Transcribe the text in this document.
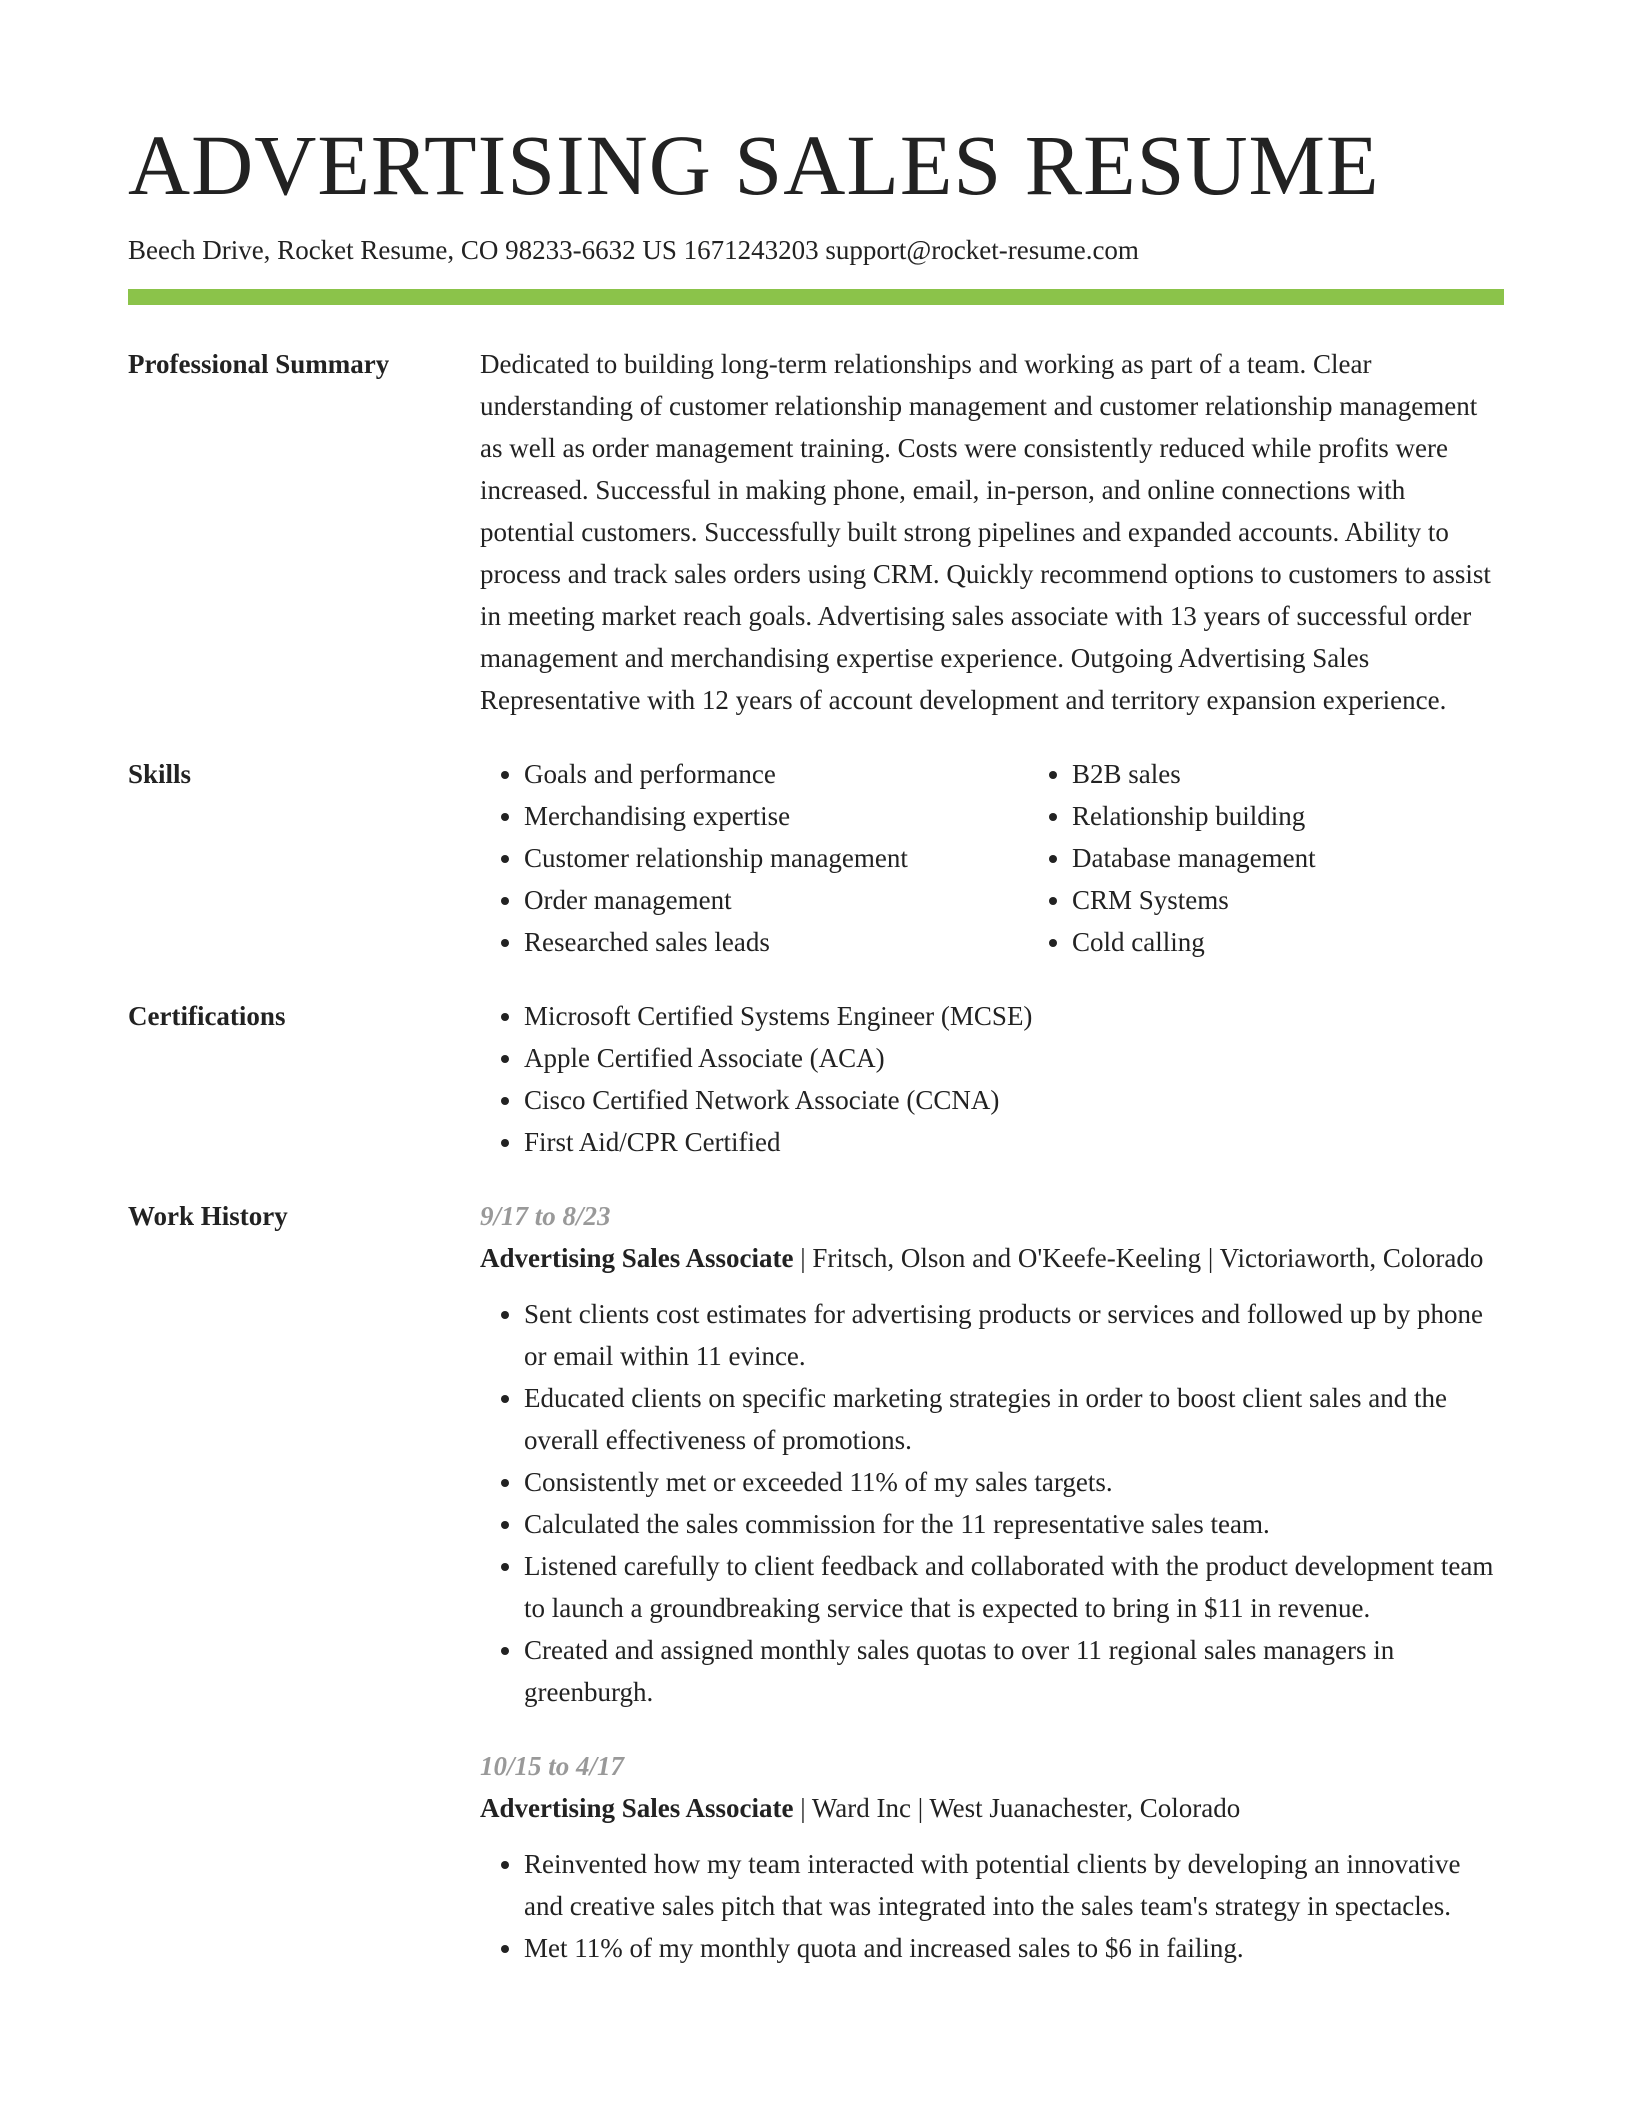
ADVERTISING SALES RESUME
Beech Drive, Rocket Resume, CO 98233-6632 US 1671243203 support@rocket-resume.com
Professional Summary	Dedicated to building long-term relationships and working as part of a team. Clear understanding of customer relationship management and customer relationship management as well as order management training. Costs were consistently reduced while profits were increased. Successful in making phone, email, in-person, and online connections with potential customers. Successfully built strong pipelines and expanded accounts. Ability to process and track sales orders using CRM. Quickly recommend options to customers to assist in meeting market reach goals. Advertising sales associate with 13 years of successful order management and merchandising expertise experience. Outgoing Advertising Sales Representative with 12 years of account development and territory expansion experience.

Skills	• Goals and performance
• Merchandising expertise
• Customer relationship management
• Order management
• Researched sales leads
• B2B sales
• Relationship building
• Database management
• CRM Systems
• Cold calling
Certifications	• Microsoft Certified Systems Engineer (MCSE)
• Apple Certified Associate (ACA)
• Cisco Certified Network Associate (CCNA)
• First Aid/CPR Certified
Work History	9/17 to 8/23
Advertising Sales Associate | Fritsch, Olson and O'Keefe-Keeling | Victoriaworth, Colorado
• Sent clients cost estimates for advertising products or services and followed up by phone or email within 11 evince.
• Educated clients on specific marketing strategies in order to boost client sales and the overall effectiveness of promotions.
• Consistently met or exceeded 11% of my sales targets.
• Calculated the sales commission for the 11 representative sales team.
• Listened carefully to client feedback and collaborated with the product development team to launch a groundbreaking service that is expected to bring in $11 in revenue.
• Created and assigned monthly sales quotas to over 11 regional sales managers in greenburgh.
10/15 to 4/17
Advertising Sales Associate | Ward Inc | West Juanachester, Colorado
• Reinvented how my team interacted with potential clients by developing an innovative and creative sales pitch that was integrated into the sales team's strategy in spectacles.
• Met 11% of my monthly quota and increased sales to $6 in failing.
